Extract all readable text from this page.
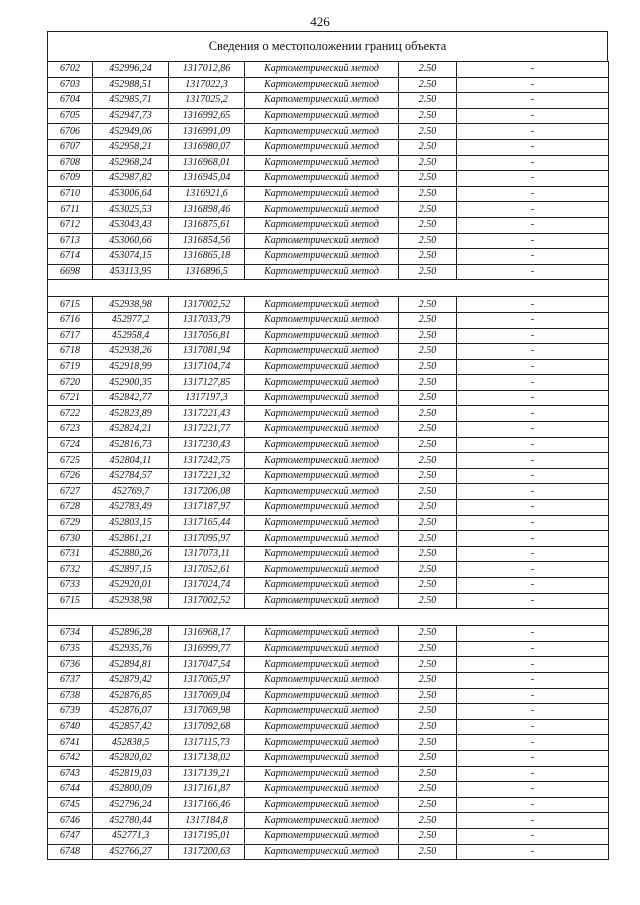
426
Сведения о местоположении границ объекта
6702	452996,24	1317012,86	Картометрический метод	2.50	-
6703	452988,51	1317022,3	Картометрический метод	2.50	-
6704	452985,71	1317025,2	Картометрический метод	2.50	-
6705	452947,73	1316992,65	Картометрический метод	2.50	-
6706	452949,06	1316991,09	Картометрический метод	2.50	-
6707	452958,21	1316980,07	Картометрический метод	2.50	-
6708	452968,24	1316968,01	Картометрический метод	2.50	-
6709	452987,82	1316945,04	Картометрический метод	2.50	-
6710	453006,64	1316921,6	Картометрический метод	2.50	-
6711	453025,53	1316898,46	Картометрический метод	2.50	-
6712	453043,43	1316875,61	Картометрический метод	2.50	-
6713	453060,66	1316854,56	Картометрический метод	2.50	-
6714	453074,15	1316865,18	Картометрический метод	2.50	-
6698	453113,95	1316896,5	Картометрический метод	2.50	-

6715	452938,98	1317002,52	Картометрический метод	2.50	-
6716	452977,2	1317033,79	Картометрический метод	2.50	-
6717	452958,4	1317056,81	Картометрический метод	2.50	-
6718	452938,26	1317081,94	Картометрический метод	2.50	-
6719	452918,99	1317104,74	Картометрический метод	2.50	-
6720	452900,35	1317127,85	Картометрический метод	2.50	-
6721	452842,77	1317197,3	Картометрический метод	2.50	-
6722	452823,89	1317221,43	Картометрический метод	2.50	-
6723	452824,21	1317221,77	Картометрический метод	2.50	-
6724	452816,73	1317230,43	Картометрический метод	2.50	-
6725	452804,11	1317242,75	Картометрический метод	2.50	-
6726	452784,57	1317221,32	Картометрический метод	2.50	-
6727	452769,7	1317206,08	Картометрический метод	2.50	-
6728	452783,49	1317187,97	Картометрический метод	2.50	-
6729	452803,15	1317165,44	Картометрический метод	2.50	-
6730	452861,21	1317095,97	Картометрический метод	2.50	-
6731	452880,26	1317073,11	Картометрический метод	2.50	-
6732	452897,15	1317052,61	Картометрический метод	2.50	-
6733	452920,01	1317024,74	Картометрический метод	2.50	-
6715	452938,98	1317002,52	Картометрический метод	2.50	-

6734	452896,28	1316968,17	Картометрический метод	2.50	-
6735	452935,76	1316999,77	Картометрический метод	2.50	-
6736	452894,81	1317047,54	Картометрический метод	2.50	-
6737	452879,42	1317065,97	Картометрический метод	2.50	-
6738	452876,85	1317069,04	Картометрический метод	2.50	-
6739	452876,07	1317069,98	Картометрический метод	2.50	-
6740	452857,42	1317092,68	Картометрический метод	2.50	-
6741	452838,5	1317115,73	Картометрический метод	2.50	-
6742	452820,02	1317138,02	Картометрический метод	2.50	-
6743	452819,03	1317139,21	Картометрический метод	2.50	-
6744	452800,09	1317161,87	Картометрический метод	2.50	-
6745	452796,24	1317166,46	Картометрический метод	2.50	-
6746	452780,44	1317184,8	Картометрический метод	2.50	-
6747	452771,3	1317195,01	Картометрический метод	2.50	-
6748	452766,27	1317200,63	Картометрический метод	2.50	-
